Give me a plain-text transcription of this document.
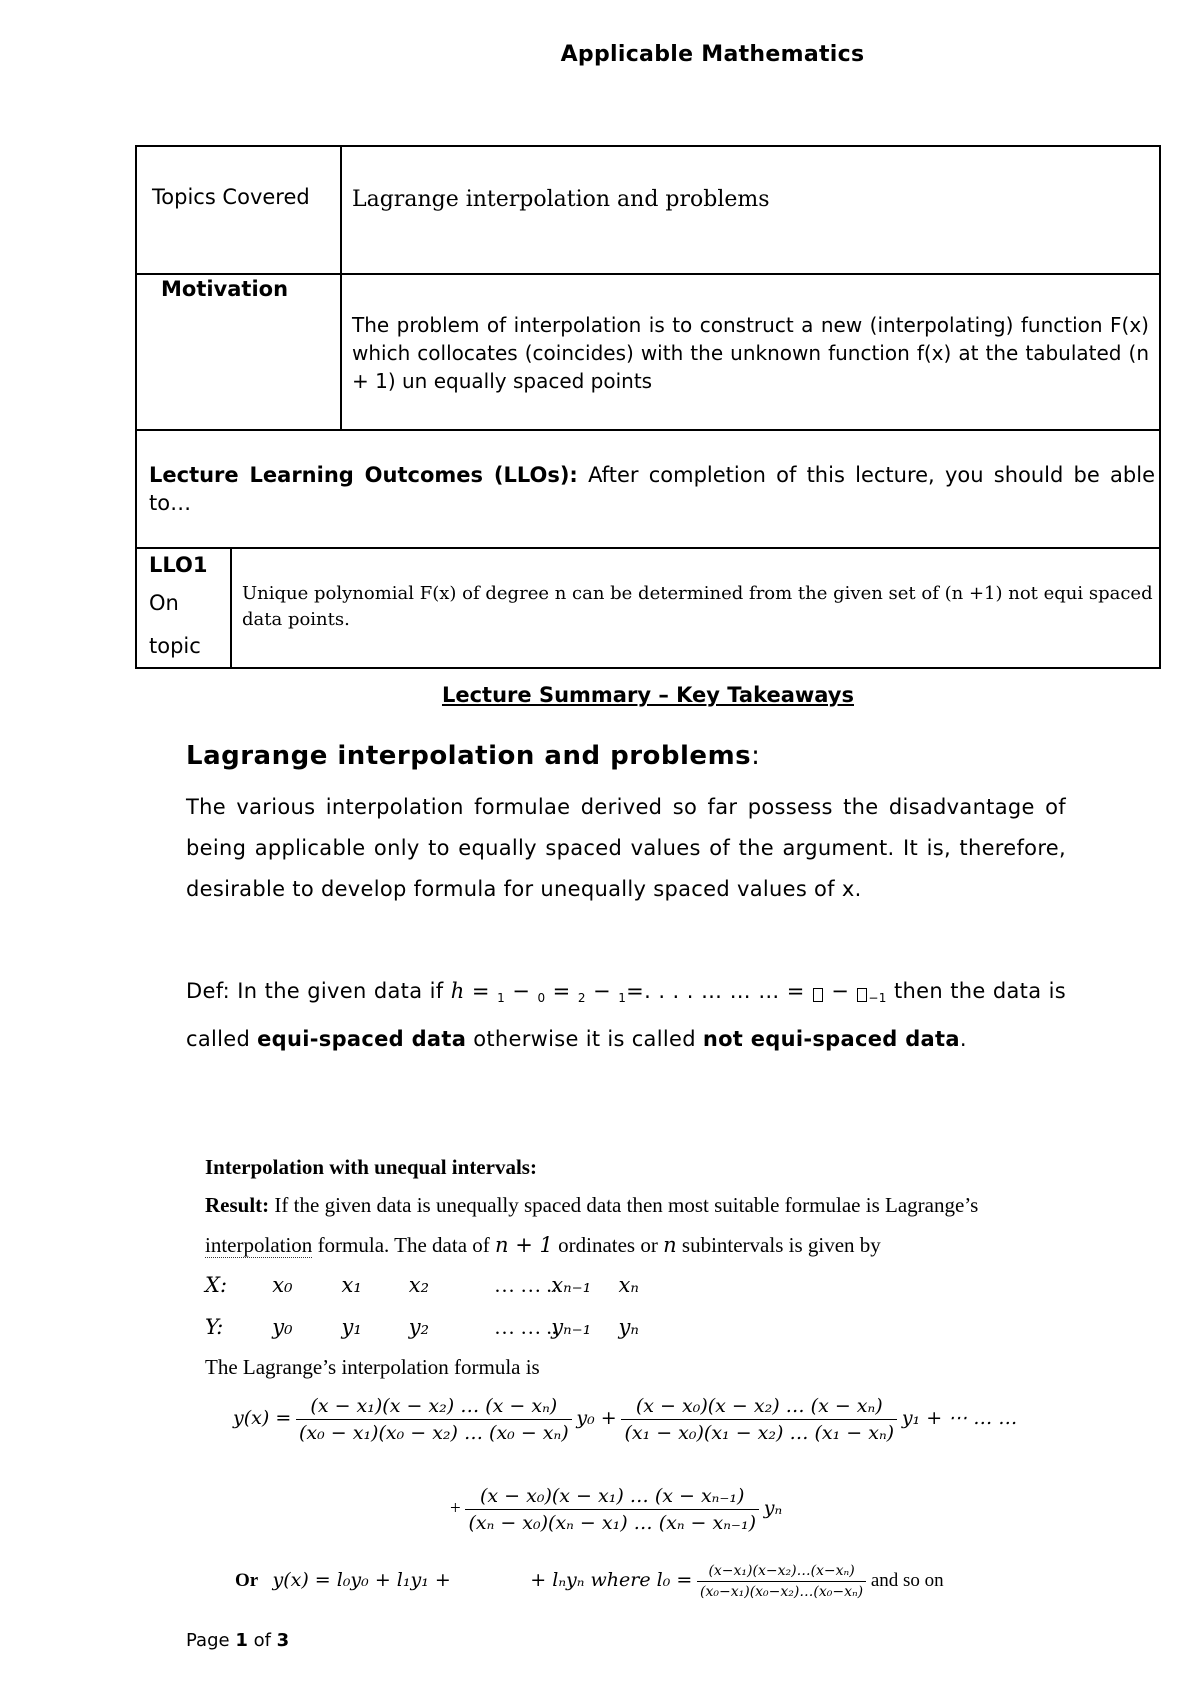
Applicable Mathematics
Topics Covered		Lagrange interpolation and problems
Motivation		The problem of interpolation is to construct a new (interpolating) function F(x) which collocates (coincides) with the unknown function f(x) at the tabulated (n + 1) un equally spaced points
Lecture Learning Outcomes (LLOs): After completion of this lecture, you should be able to…		

LLO1
On
topic	Unique polynomial F(x) of degree n can be determined from the given set of (n +1) not equi spaced data points.	
Lecture Summary – Key Takeaways
Lagrange interpolation and problems:
The various interpolation formulae derived so far possess the disadvantage of being applicable only to equally spaced values of the argument. It is, therefore, desirable to develop formula for unequally spaced values of x.
Def: In the given data if h = $_1$ − $_0$ = $_2$ − $_1$=. . . . … … … =  − $_{-1}$ then the data is called equi-spaced data otherwise it is called not equi-spaced data.
Interpolation with unequal intervals:
Result: If the given data is unequally spaced data then most suitable formulae is Lagrange’s
interpolation formula. The data of n + 1 ordinates or n subintervals is given by
X: x₀ x₁ x₂	… … .. xₙ₋₁ xₙ
Y: y₀ y₁ y₂	… … .. yₙ₋₁ yₙ
The Lagrange’s interpolation formula is
$y(x) = \frac{\text{(x − x₁)(x − x₂) … (x − xₙ)}}{\text{(x₀ − x₁)(x₀ − x₂) … (x₀ − xₙ)}} y_0 + \frac{\text{(x − x₀)(x − x₂) … (x − xₙ)}}{\text{(x₁ − x₀)(x₁ − x₂) … (x₁ − xₙ)}} y_1$ + ⋯ … …
+ $\frac{\text{(x − x₀)(x − x₁) … (x − xₙ₋₁)}}{\text{(xₙ − x₀)(xₙ − x₁) … (xₙ − xₙ₋₁)}}$ yₙ
Or y(x) = l₀y₀ + l₁y₁ +	+ lₙyₙ where $l_0 = \frac{\text{(x−x₁)(x−x₂)…(x−xₙ)}}{\text{(x₀−x₁)(x₀−x₂)…(x₀−xₙ)}}$ and so on
Page 1 of 3
